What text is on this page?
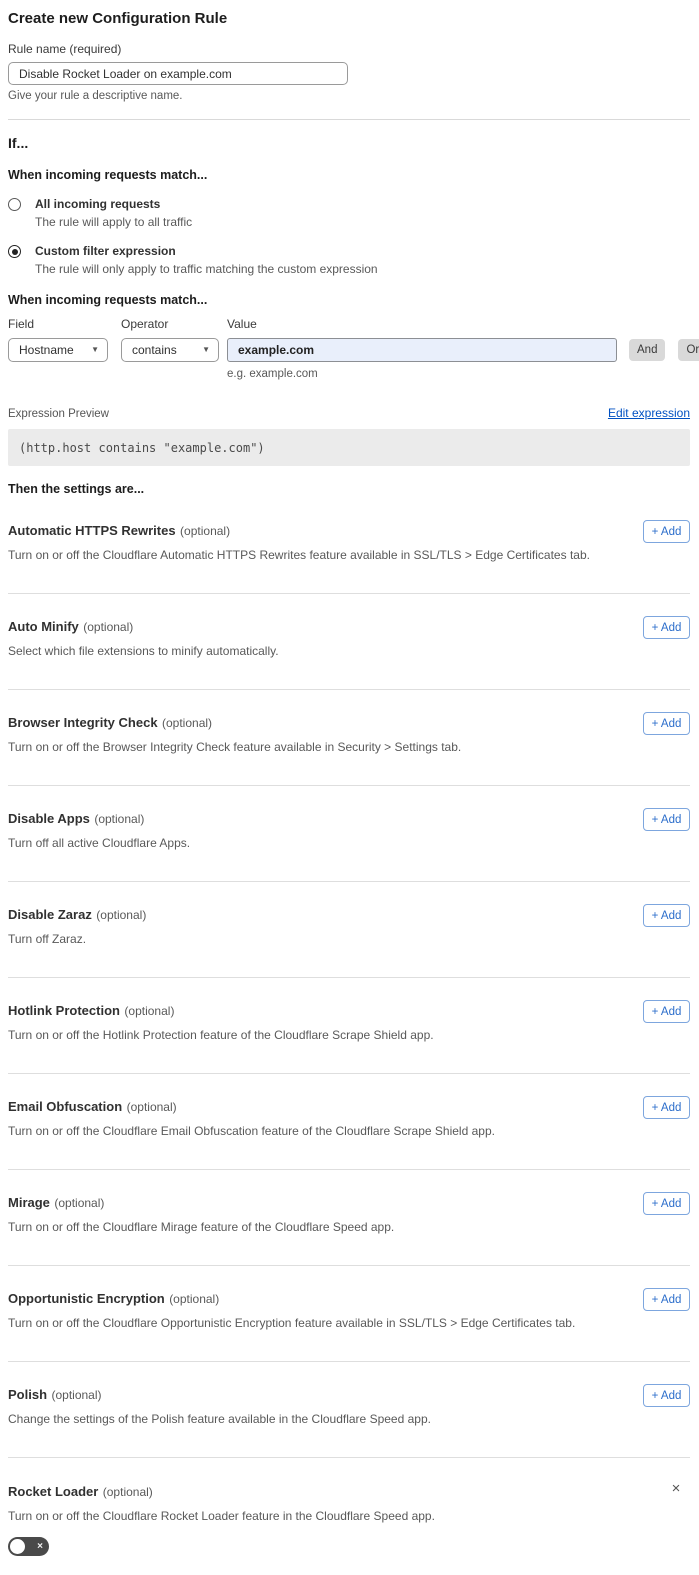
Create new Configuration Rule
Rule name (required)
Disable Rocket Loader on example.com
Give your rule a descriptive name.
If...
When incoming requests match...
All incoming requests
The rule will apply to all traffic
Custom filter expression
The rule will only apply to traffic matching the custom expression
When incoming requests match...
Field
Hostname ▼
Operator
contains	▼
Value
example.com
And	Or
e.g. example.com
Expression Preview	Edit expression
(http.host contains "example.com")
Then the settings are...
Automatic HTTPS Rewrites (optional)
Turn on or off the Cloudflare Automatic HTTPS Rewrites feature available in SSL/TLS > Edge Certificates tab.
+ Add
Auto Minify (optional)
Select which file extensions to minify automatically.
+ Add
Browser Integrity Check (optional)
Turn on or off the Browser Integrity Check feature available in Security > Settings tab.
+ Add
Disable Apps (optional)
Turn off all active Cloudflare Apps.
+ Add
Disable Zaraz (optional)
Turn off Zaraz.
+ Add
Hotlink Protection (optional)
Turn on or off the Hotlink Protection feature of the Cloudflare Scrape Shield app.
+ Add
Email Obfuscation (optional)
Turn on or off the Cloudflare Email Obfuscation feature of the Cloudflare Scrape Shield app.
+ Add
Mirage (optional)
Turn on or off the Cloudflare Mirage feature of the Cloudflare Speed app.
+ Add
Opportunistic Encryption (optional)
Turn on or off the Cloudflare Opportunistic Encryption feature available in SSL/TLS > Edge Certificates tab.
+ Add
Polish (optional)
Change the settings of the Polish feature available in the Cloudflare Speed app.
+ Add
Rocket Loader (optional)	×
Turn on or off the Cloudflare Rocket Loader feature in the Cloudflare Speed app.
×
